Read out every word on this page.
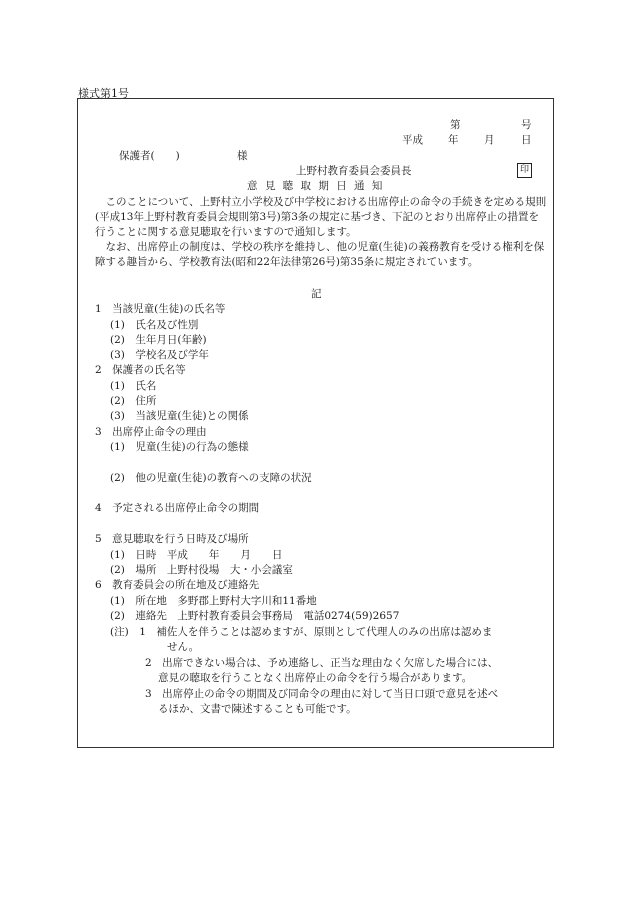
様式第1号
第	号
平成 年 月	日
保護者(　　)	様
上野村教育委員会委員長	印
意 見 聴 取 期 日 通 知
このことについて、上野村立小学校及び中学校における出席停止の命令の手続きを定める規則(平成13年上野村教育委員会規則第3号)第3条の規定に基づき、下記のとおり出席停止の措置を行うことに関する意見聴取を行いますので通知します。
なお、出席停止の制度は、学校の秩序を維持し、他の児童(生徒)の義務教育を受ける権利を保障する趣旨から、学校教育法(昭和22年法律第26号)第35条に規定されています。
記
1　当該児童(生徒)の氏名等
(1)　氏名及び性別
(2)　生年月日(年齢)
(3)　学校名及び学年
2　保護者の氏名等
(1)　氏名
(2)　住所
(3)　当該児童(生徒)との関係
3　出席停止命令の理由
(1)　児童(生徒)の行為の態様
(2)　他の児童(生徒)の教育への支障の状況
4　予定される出席停止命令の期間
5　意見聴取を行う日時及び場所
(1)　日時　平成　　年　　月　　日
(2)　場所　上野村役場　大・小会議室
6　教育委員会の所在地及び連絡先
(1)　所在地　多野郡上野村大字川和11番地
(2)　連絡先　上野村教育委員会事務局　電話0274(59)2657
(注)　1　補佐人を伴うことは認めますが、原則として代理人のみの出席は認めま
せん。
2　出席できない場合は、予め連絡し、正当な理由なく欠席した場合には、
意見の聴取を行うことなく出席停止の命令を行う場合があります。
3　出席停止の命令の期間及び同命令の理由に対して当日口頭で意見を述べ
るほか、文書で陳述することも可能です。
